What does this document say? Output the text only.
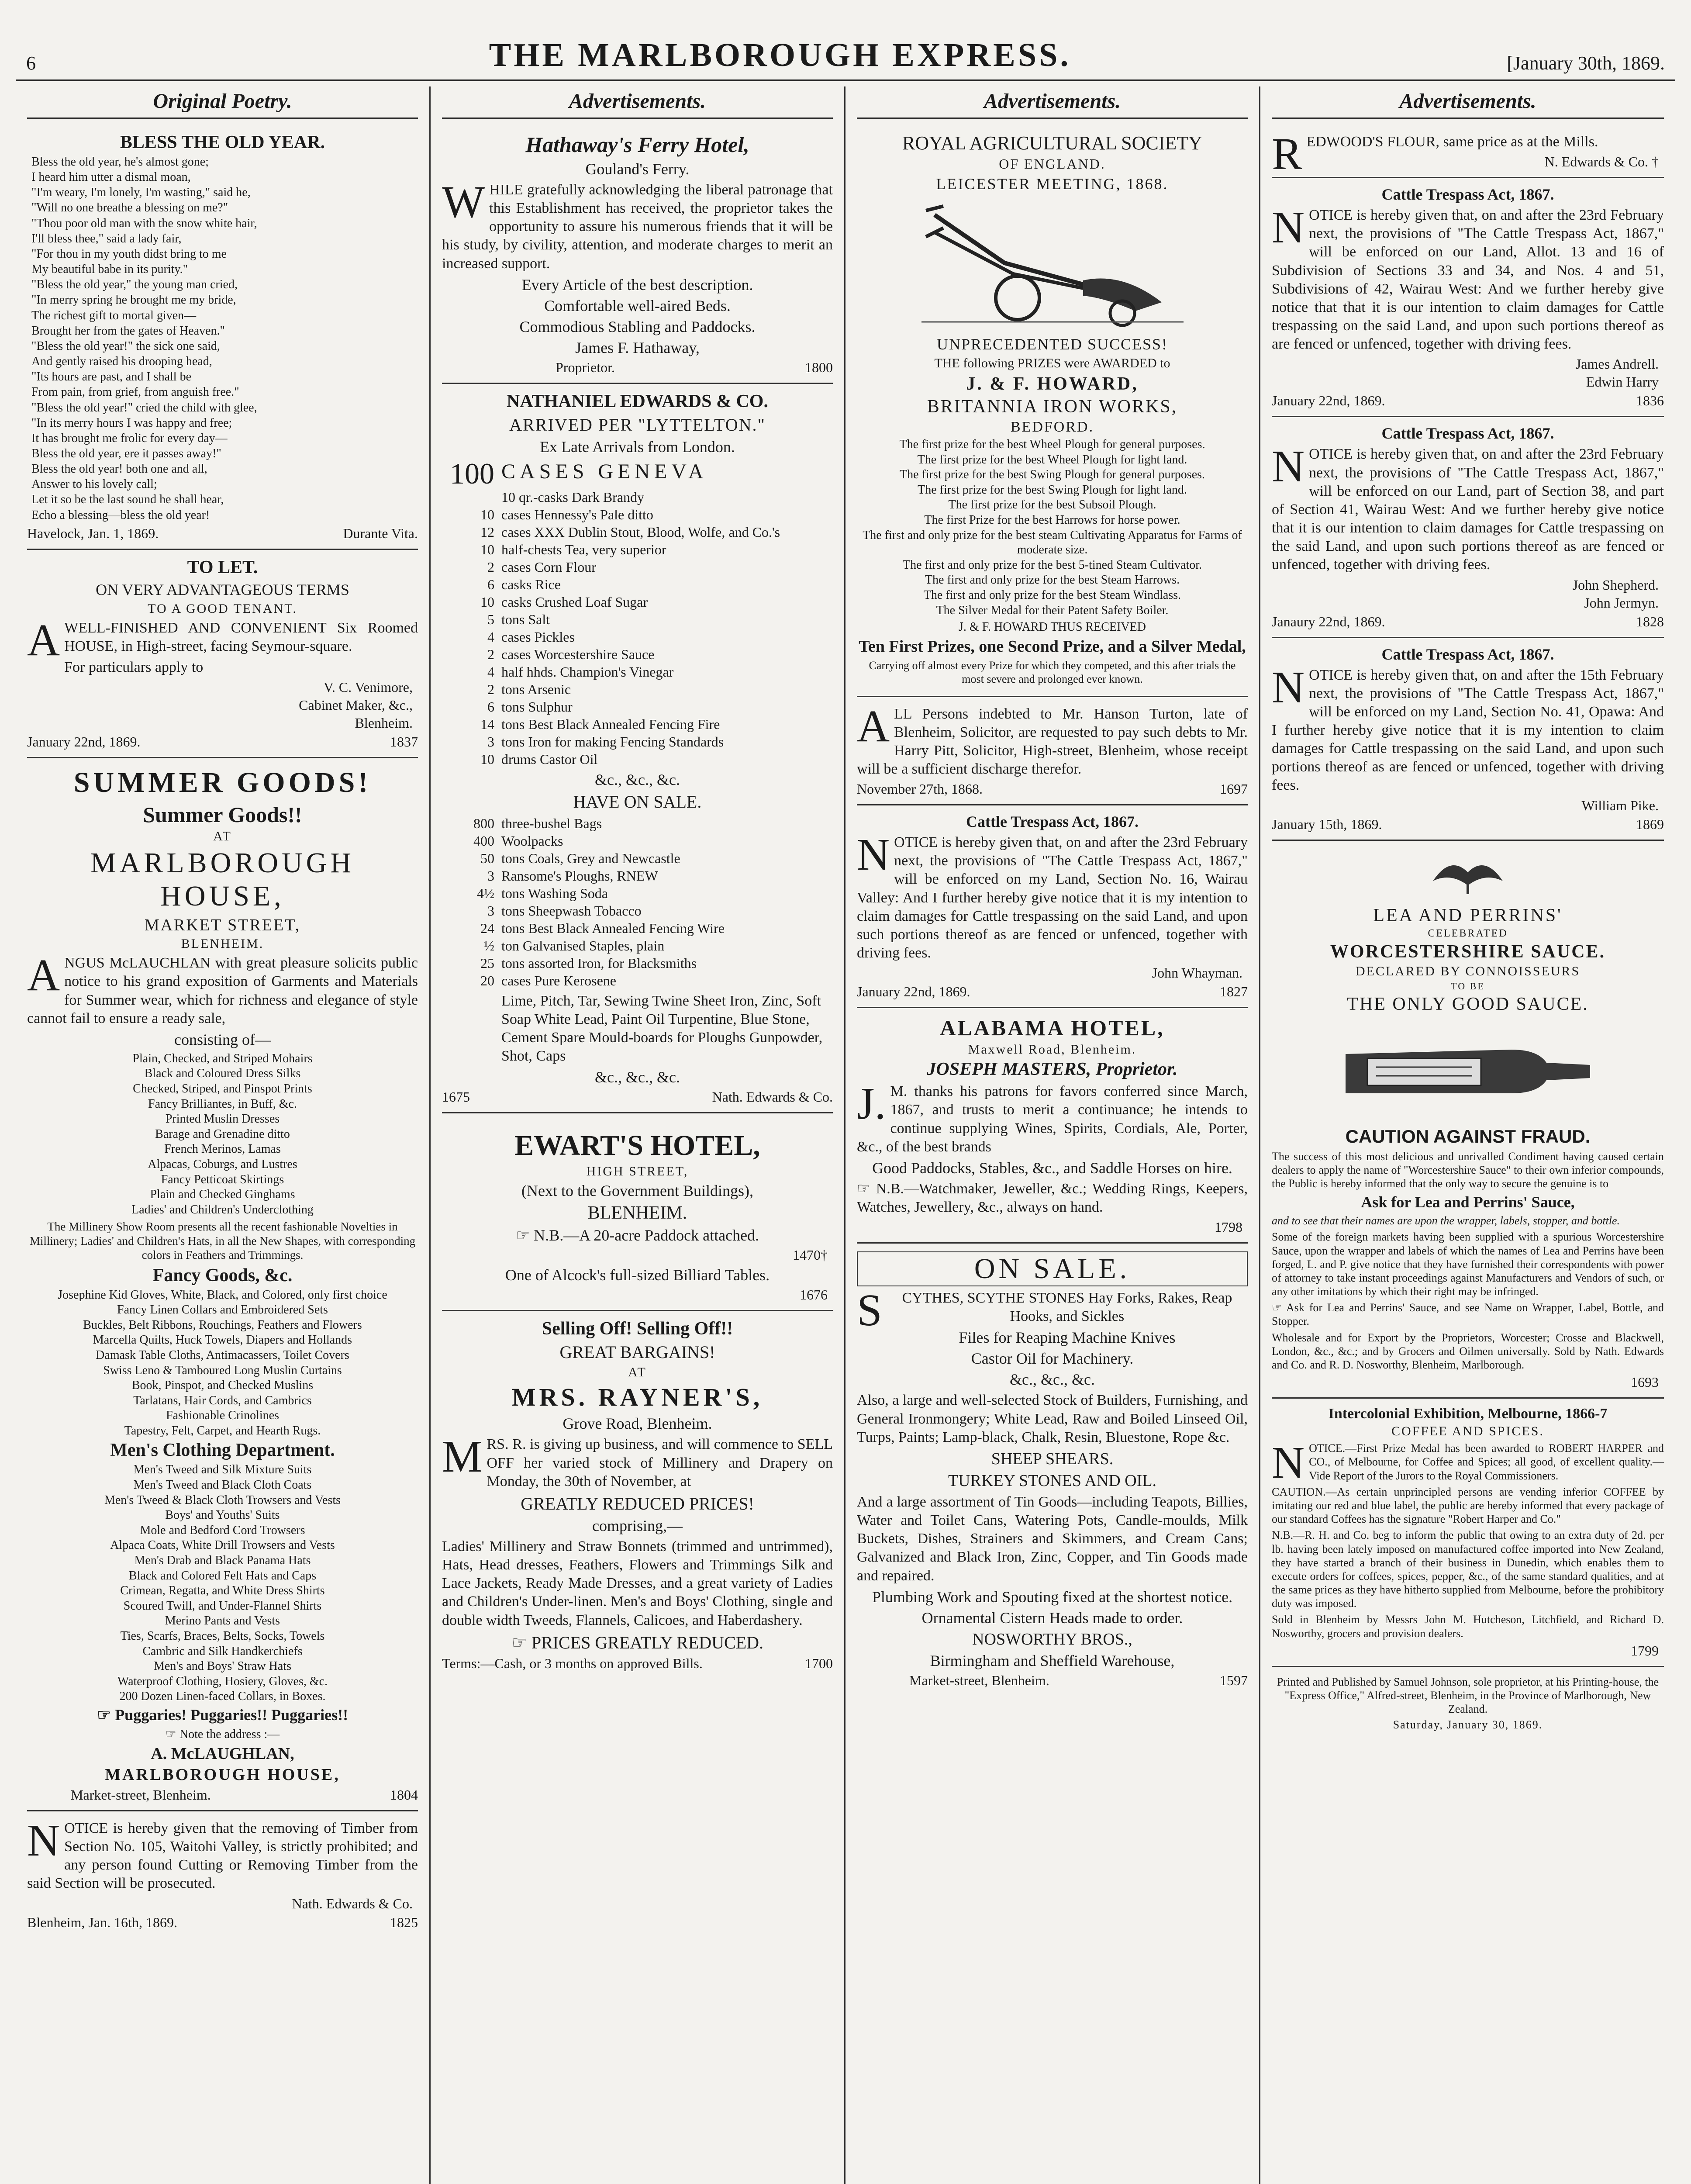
6	THE MARLBOROUGH EXPRESS.	[January 30th, 1869.
Original Poetry.
BLESS THE OLD YEAR.
Bless the old year, he's almost gone;
I heard him utter a dismal moan,
"I'm weary, I'm lonely, I'm wasting," said he,
"Will no one breathe a blessing on me?"
"Thou poor old man with the snow white hair,
I'll bless thee," said a lady fair,
"For thou in my youth didst bring to me
My beautiful babe in its purity."
"Bless the old year," the young man cried,
"In merry spring he brought me my bride,
The richest gift to mortal given—
Brought her from the gates of Heaven."
"Bless the old year!" the sick one said,
And gently raised his drooping head,
"Its hours are past, and I shall be
From pain, from grief, from anguish free."
"Bless the old year!" cried the child with glee,
"In its merry hours I was happy and free;
It has brought me frolic for every day—
Bless the old year, ere it passes away!"
Bless the old year! both one and all,
Answer to his lovely call;
Let it so be the last sound he shall hear,
Echo a blessing—bless the old year!
Havelock, Jan. 1, 1869.	Durante Vita.
TO LET.
ON VERY ADVANTAGEOUS TERMS
TO A GOOD TENANT.

AWELL-FINISHED AND CONVENIENT Six Roomed HOUSE, in High-street, facing Seymour-square.

For particulars apply to

V. C. Venimore,
Cabinet Maker, &c.,
Blenheim.
January 22nd, 1869.	1837
SUMMER GOODS!
Summer Goods!!
AT
MARLBOROUGH HOUSE,
MARKET STREET,
BLENHEIM.

ANGUS McLAUCHLAN with great pleasure solicits public notice to his grand exposition of Garments and Materials for Summer wear, which for richness and elegance of style cannot fail to ensure a ready sale,

consisting of—
Plain, Checked, and Striped Mohairs
Black and Coloured Dress Silks
Checked, Striped, and Pinspot Prints
Fancy Brilliantes, in Buff, &c.
Printed Muslin Dresses
Barage and Grenadine ditto
French Merinos, Lamas
Alpacas, Coburgs, and Lustres
Fancy Petticoat Skirtings
Plain and Checked Ginghams
Ladies' and Children's Underclothing

The Millinery Show Room presents all the recent fashionable Novelties in Millinery; Ladies' and Children's Hats, in all the New Shapes, with corresponding colors in Feathers and Trimmings.

Fancy Goods, &c.
Josephine Kid Gloves, White, Black, and Colored, only first choice
Fancy Linen Collars and Embroidered Sets
Buckles, Belt Ribbons, Rouchings, Feathers and Flowers
Marcella Quilts, Huck Towels, Diapers and Hollands
Damask Table Cloths, Antimacassers, Toilet Covers
Swiss Leno & Tamboured Long Muslin Curtains
Book, Pinspot, and Checked Muslins
Tarlatans, Hair Cords, and Cambrics
Fashionable Crinolines
Tapestry, Felt, Carpet, and Hearth Rugs.
Men's Clothing Department.
Men's Tweed and Silk Mixture Suits
Men's Tweed and Black Cloth Coats
Men's Tweed & Black Cloth Trowsers and Vests
Boys' and Youths' Suits
Mole and Bedford Cord Trowsers
Alpaca Coats, White Drill Trowsers and Vests
Men's Drab and Black Panama Hats
Black and Colored Felt Hats and Caps
Crimean, Regatta, and White Dress Shirts
Scoured Twill, and Under-Flannel Shirts
Merino Pants and Vests
Ties, Scarfs, Braces, Belts, Socks, Towels
Cambric and Silk Handkerchiefs
Men's and Boys' Straw Hats
Waterproof Clothing, Hosiery, Gloves, &c.
200 Dozen Linen-faced Collars, in Boxes.
☞ Puggaries! Puggaries!! Puggaries!!
☞ Note the address :—
A. McLAUGHLAN,
MARLBOROUGH HOUSE,
Market-street, Blenheim.	1804

NOTICE is hereby given that the removing of Timber from Section No. 105, Waitohi Valley, is strictly prohibited; and any person found Cutting or Removing Timber from the said Section will be prosecuted.

Nath. Edwards & Co.
Blenheim, Jan. 16th, 1869.	1825
Advertisements.
Hathaway's Ferry Hotel,
Gouland's Ferry.

WHILE gratefully acknowledging the liberal patronage that this Establishment has received, the proprietor takes the opportunity to assure his numerous friends that it will be his study, by civility, attention, and moderate charges to merit an increased support.

Every Article of the best description.
Comfortable well-aired Beds.
Commodious Stabling and Paddocks.
James F. Hathaway,
Proprietor.	1800
NATHANIEL EDWARDS & CO.
ARRIVED PER "LYTTELTON."
Ex Late Arrivals from London.
100 CASES GENEVA
10 qr.-casks Dark Brandy
10 cases Hennessy's Pale ditto
12 cases XXX Dublin Stout, Blood, Wolfe, and Co.'s
10 half-chests Tea, very superior
2 cases Corn Flour
6 casks Rice
10 casks Crushed Loaf Sugar
5 tons Salt
4 cases Pickles
2 cases Worcestershire Sauce
4 half hhds. Champion's Vinegar
2 tons Arsenic
6 tons Sulphur
14 tons Best Black Annealed Fencing Fire
3 tons Iron for making Fencing Standards
10 drums Castor Oil
&c., &c., &c.
HAVE ON SALE.
800 three-bushel Bags
400 Woolpacks
50 tons Coals, Grey and Newcastle
3 Ransome's Ploughs, RNEW
4½ tons Washing Soda
3 tons Sheepwash Tobacco
24 tons Best Black Annealed Fencing Wire
½ ton Galvanised Staples, plain
25 tons assorted Iron, for Blacksmiths
20 cases Pure Kerosene

Lime, Pitch, Tar, Sewing Twine Sheet Iron, Zinc, Soft Soap White Lead, Paint Oil Turpentine, Blue Stone, Cement Spare Mould-boards for Ploughs Gunpowder, Shot, Caps

&c., &c., &c.
1675	Nath. Edwards & Co.
EWART'S HOTEL,
HIGH STREET,
(Next to the Government Buildings),
BLENHEIM.
☞ N.B.—A 20-acre Paddock attached.
1470†
One of Alcock's full-sized Billiard Tables.
1676
Selling Off! Selling Off!!
GREAT BARGAINS!
AT
MRS. RAYNER'S,
Grove Road, Blenheim.

MRS. R. is giving up business, and will commence to SELL OFF her varied stock of Millinery and Drapery on Monday, the 30th of November, at

GREATLY REDUCED PRICES!
comprising,—

Ladies' Millinery and Straw Bonnets (trimmed and untrimmed), Hats, Head dresses, Feathers, Flowers and Trimmings Silk and Lace Jackets, Ready Made Dresses, and a great variety of Ladies and Children's Under-linen. Men's and Boys' Clothing, single and double width Tweeds, Flannels, Calicoes, and Haberdashery.

☞ PRICES GREATLY REDUCED.
Terms:—Cash, or 3 months on approved Bills.	1700
Advertisements.
ROYAL AGRICULTURAL SOCIETY
OF ENGLAND.
LEICESTER MEETING, 1868.
UNPRECEDENTED SUCCESS!
THE following PRIZES were AWARDED to
J. & F. HOWARD,
BRITANNIA IRON WORKS,
BEDFORD.
The first prize for the best Wheel Plough for general purposes.
The first prize for the best Wheel Plough for light land.
The first prize for the best Swing Plough for general purposes.
The first prize for the best Swing Plough for light land.
The first prize for the best Subsoil Plough.
The first Prize for the best Harrows for horse power.
The first and only prize for the best steam Cultivating Apparatus for Farms of moderate size.
The first and only prize for the best 5-tined Steam Cultivator.
The first and only prize for the best Steam Harrows.
The first and only prize for the best Steam Windlass.
The Silver Medal for their Patent Safety Boiler.
J. & F. HOWARD THUS RECEIVED
Ten First Prizes, one Second Prize, and a Silver Medal,

Carrying off almost every Prize for which they competed, and this after trials the most severe and prolonged ever known.

ALL Persons indebted to Mr. Hanson Turton, late of Blenheim, Solicitor, are requested to pay such debts to Mr. Harry Pitt, Solicitor, High-street, Blenheim, whose receipt will be a sufficient discharge therefor.

November 27th, 1868.	1697
Cattle Trespass Act, 1867.

NOTICE is hereby given that, on and after the 23rd February next, the provisions of "The Cattle Trespass Act, 1867," will be enforced on my Land, Section No. 16, Wairau Valley: And I further hereby give notice that it is my intention to claim damages for Cattle trespassing on the said Land, and upon such portions thereof as are fenced or unfenced, together with driving fees.

John Whayman.
January 22nd, 1869.	1827
ALABAMA HOTEL,
Maxwell Road, Blenheim.
JOSEPH MASTERS, Proprietor.

J.M. thanks his patrons for favors conferred since March, 1867, and trusts to merit a continuance; he intends to continue supplying Wines, Spirits, Cordials, Ale, Porter, &c., of the best brands

Good Paddocks, Stables, &c., and Saddle Horses on hire.

☞ N.B.—Watchmaker, Jeweller, &c.; Wedding Rings, Keepers, Watches, Jewellery, &c., always on hand.

1798
ON SALE.

SCYTHES, SCYTHE STONES Hay Forks, Rakes, Reap Hooks, and Sickles

Files for Reaping Machine Knives
Castor Oil for Machinery.
&c., &c., &c.

Also, a large and well-selected Stock of Builders, Furnishing, and General Ironmongery; White Lead, Raw and Boiled Linseed Oil, Turps, Paints; Lamp-black, Chalk, Resin, Bluestone, Rope &c.

SHEEP SHEARS.
TURKEY STONES AND OIL.

And a large assortment of Tin Goods—including Teapots, Billies, Water and Toilet Cans, Watering Pots, Candle-moulds, Milk Buckets, Dishes, Strainers and Skimmers, and Cream Cans; Galvanized and Black Iron, Zinc, Copper, and Tin Goods made and repaired.

Plumbing Work and Spouting fixed at the shortest notice.
Ornamental Cistern Heads made to order.
NOSWORTHY BROS.,
Birmingham and Sheffield Warehouse,
Market-street, Blenheim.	1597
Advertisements.

REDWOOD'S FLOUR, same price as at the Mills.

N. Edwards & Co. †
Cattle Trespass Act, 1867.

NOTICE is hereby given that, on and after the 23rd February next, the provisions of "The Cattle Trespass Act, 1867," will be enforced on our Land, Allot. 13 and 16 of Subdivision of Sections 33 and 34, and Nos. 4 and 51, Subdivisions of 42, Wairau West: And we further hereby give notice that that it is our intention to claim damages for Cattle trespassing on the said Land, and upon such portions thereof as are fenced or unfenced, together with driving fees.

James Andrell.
Edwin Harry
January 22nd, 1869.	1836
Cattle Trespass Act, 1867.

NOTICE is hereby given that, on and after the 23rd February next, the provisions of "The Cattle Trespass Act, 1867," will be enforced on our Land, part of Section 38, and part of Section 41, Wairau West: And we further hereby give notice that it is our intention to claim damages for Cattle trespassing on the said Land, and upon such portions thereof as are fenced or unfenced, together with driving fees.

John Shepherd.
John Jermyn.
Janaury 22nd, 1869.	1828
Cattle Trespass Act, 1867.

NOTICE is hereby given that, on and after the 15th February next, the provisions of "The Cattle Trespass Act, 1867," will be enforced on my Land, Section No. 41, Opawa: And I further hereby give notice that it is my intention to claim damages for Cattle trespassing on the said Land, and upon such portions thereof as are fenced or unfenced, together with driving fees.

William Pike.
January 15th, 1869.	1869
LEA AND PERRINS'
CELEBRATED
WORCESTERSHIRE SAUCE.
DECLARED BY CONNOISSEURS
TO BE
THE ONLY GOOD SAUCE.
CAUTION AGAINST FRAUD.

The success of this most delicious and unrivalled Condiment having caused certain dealers to apply the name of "Worcestershire Sauce" to their own inferior compounds, the Public is hereby informed that the only way to secure the genuine is to

Ask for Lea and Perrins' Sauce,

and to see that their names are upon the wrapper, labels, stopper, and bottle.

Some of the foreign markets having been supplied with a spurious Worcestershire Sauce, upon the wrapper and labels of which the names of Lea and Perrins have been forged, L. and P. give notice that they have furnished their correspondents with power of attorney to take instant proceedings against Manufacturers and Vendors of such, or any other imitations by which their right may be infringed.

☞ Ask for Lea and Perrins' Sauce, and see Name on Wrapper, Label, Bottle, and Stopper.

Wholesale and for Export by the Proprietors, Worcester; Crosse and Blackwell, London, &c., &c.; and by Grocers and Oilmen universally. Sold by Nath. Edwards and Co. and R. D. Nosworthy, Blenheim, Marlborough.

1693
Intercolonial Exhibition, Melbourne, 1866-7
COFFEE AND SPICES.

NOTICE.—First Prize Medal has been awarded to ROBERT HARPER and CO., of Melbourne, for Coffee and Spices; all good, of excellent quality.—Vide Report of the Jurors to the Royal Commissioners.

CAUTION.—As certain unprincipled persons are vending inferior COFFEE by imitating our red and blue label, the public are hereby informed that every package of our standard Coffees has the signature "Robert Harper and Co."

N.B.—R. H. and Co. beg to inform the public that owing to an extra duty of 2d. per lb. having been lately imposed on manufactured coffee imported into New Zealand, they have started a branch of their business in Dunedin, which enables them to execute orders for coffees, spices, pepper, &c., of the same standard qualities, and at the same prices as they have hitherto supplied from Melbourne, before the prohibitory duty was imposed.

Sold in Blenheim by Messrs John M. Hutcheson, Litchfield, and Richard D. Nosworthy, grocers and provision dealers.

1799

Printed and Published by Samuel Johnson, sole proprietor, at his Printing-house, the "Express Office," Alfred-street, Blenheim, in the Province of Marlborough, New Zealand.

Saturday, January 30, 1869.
